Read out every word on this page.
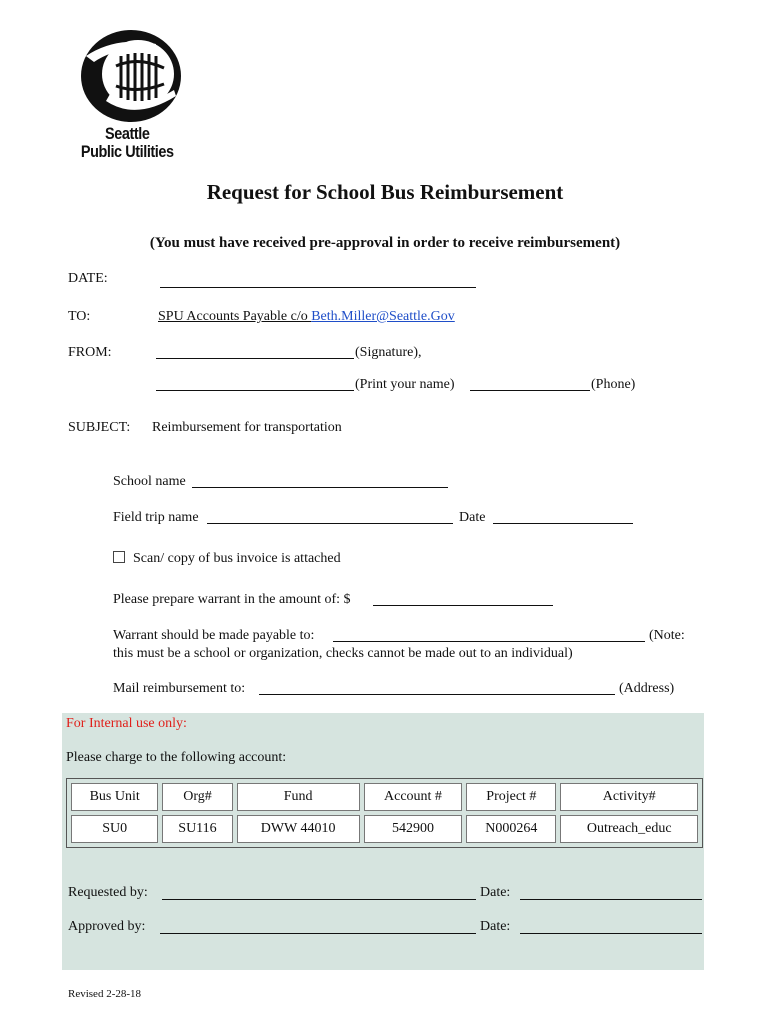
Seattle
Public Utilities
Request for School Bus Reimbursement
(You must have received pre-approval in order to receive reimbursement)
DATE:
TO:	SPU Accounts Payable c/o Beth.Miller@Seattle.Gov
FROM:	(Signature),
(Print your name)	(Phone)
SUBJECT: Reimbursement for transportation
School name
Field trip name	Date
Scan/ copy of bus invoice is attached
Please prepare warrant in the amount of: $
Warrant should be made payable to:	(Note:
this must be a school or organization, checks cannot be made out to an individual)
Mail reimbursement to:	(Address)
For Internal use only:
Please charge to the following account:
Bus Unit	Org#	Fund	Account #	Project #	Activity#
SU0	SU116	DWW 44010	542900	N000264	Outreach_educ
Requested by:	Date:
Approved by:	Date:
Revised 2-28-18
